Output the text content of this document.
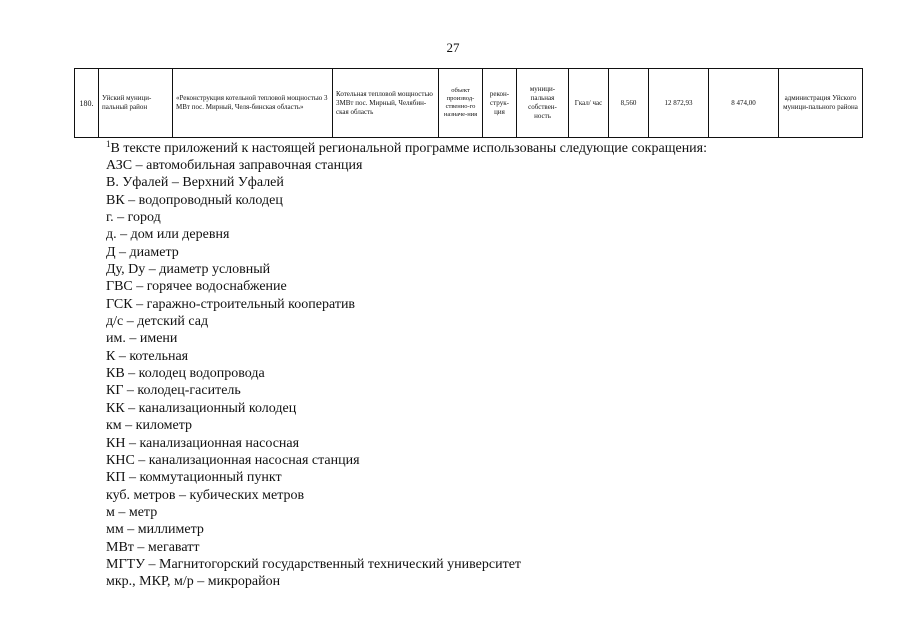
27
180.	Уйский муници-пальный район	«Реконструкция котельной тепловой мощностью 3 МВт пос. Мирный, Челя-бинская область»	Котельная тепловой мощностью 3МВт пос. Мирный, Челябин-ская область	объект производ-ственно-го назначе-ния	рекон-струк-ция	муници-пальная собствен-ность	Гкал/ час	8,560	12 872,93	8 474,00	администрация Уйского муници-пального района

$^1$В тексте приложений к настоящей региональной программе использованы следующие сокращения:

АЗС – автомобильная заправочная станция
В. Уфалей – Верхний Уфалей
ВК – водопроводный колодец
г. – город
д. – дом или деревня
Д – диаметр
Ду, Dy – диаметр условный
ГВС – горячее водоснабжение
ГСК – гаражно-строительный кооператив
д/с – детский сад
им. – имени
К – котельная
КВ – колодец водопровода
КГ – колодец-гаситель
КК – канализационный колодец
км – километр
КН – канализационная насосная
КНС – канализационная насосная станция
КП – коммутационный пункт
куб. метров – кубических метров
м – метр
мм – миллиметр
МВт – мегаватт
МГТУ – Магнитогорский государственный технический университет
мкр., МКР, м/р – микрорайон
